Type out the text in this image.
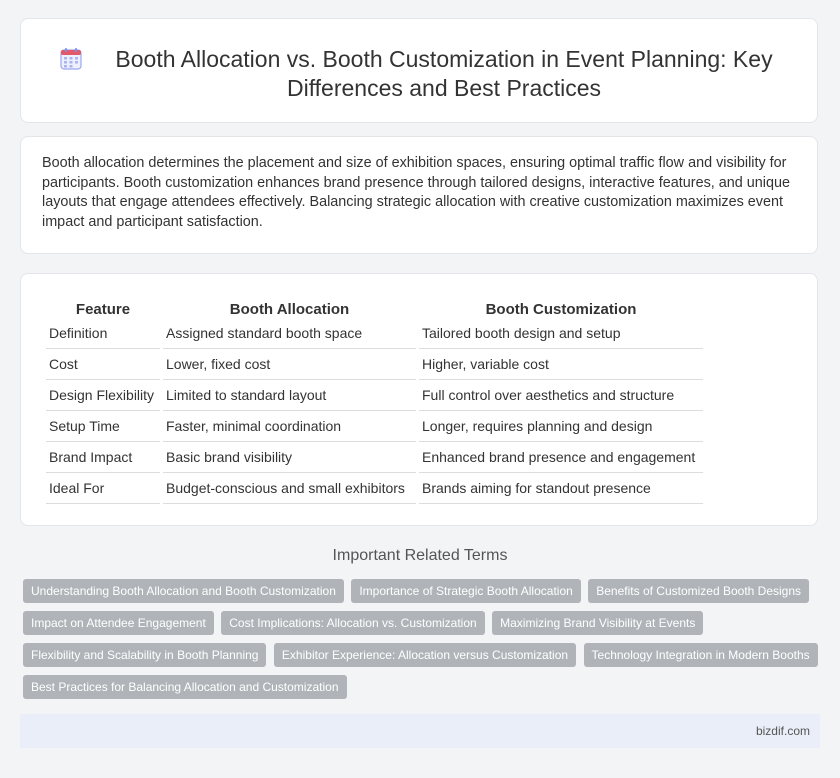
Booth Allocation vs. Booth Customization in Event Planning: Key Differences and Best Practices

Booth allocation determines the placement and size of exhibition spaces, ensuring optimal traffic flow and visibility for participants. Booth customization enhances brand presence through tailored designs, interactive features, and unique layouts that engage attendees effectively. Balancing strategic allocation with creative customization maximizes event impact and participant satisfaction.

Feature	Booth Allocation	Booth Customization
Definition	Assigned standard booth space	Tailored booth design and setup
Cost	Lower, fixed cost	Higher, variable cost
Design Flexibility	Limited to standard layout	Full control over aesthetics and structure
Setup Time	Faster, minimal coordination	Longer, requires planning and design
Brand Impact	Basic brand visibility	Enhanced brand presence and engagement
Ideal For	Budget-conscious and small exhibitors	Brands aiming for standout presence
Important Related Terms
Understanding Booth Allocation and Booth Customization Importance of Strategic Booth Allocation Benefits of Customized Booth Designs Impact on Attendee Engagement Cost Implications: Allocation vs. Customization Maximizing Brand Visibility at Events Flexibility and Scalability in Booth Planning Exhibitor Experience: Allocation versus Customization Technology Integration in Modern Booths Best Practices for Balancing Allocation and Customization
bizdif.com
